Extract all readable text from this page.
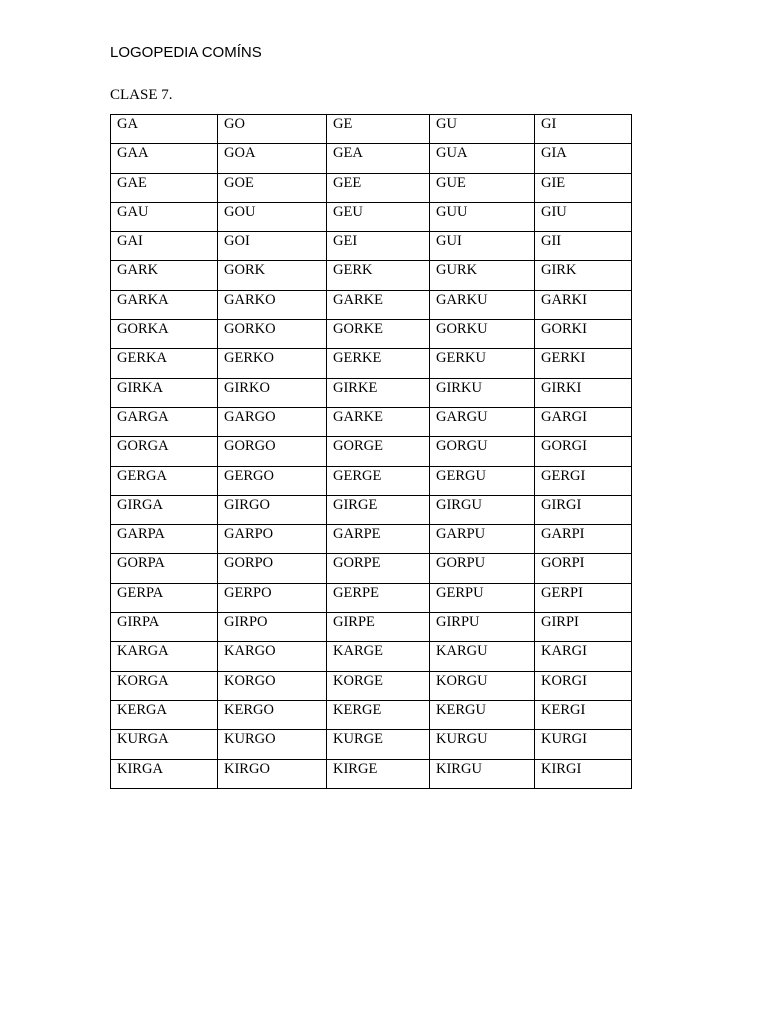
LOGOPEDIA COMÍNS
CLASE 7.
GA	GO	GE	GU	GI
GAA	GOA	GEA	GUA	GIA
GAE	GOE	GEE	GUE	GIE
GAU	GOU	GEU	GUU	GIU
GAI	GOI	GEI	GUI	GII
GARK	GORK	GERK	GURK	GIRK
GARKA	GARKO	GARKE	GARKU	GARKI
GORKA	GORKO	GORKE	GORKU	GORKI
GERKA	GERKO	GERKE	GERKU	GERKI
GIRKA	GIRKO	GIRKE	GIRKU	GIRKI
GARGA	GARGO	GARKE	GARGU	GARGI
GORGA	GORGO	GORGE	GORGU	GORGI
GERGA	GERGO	GERGE	GERGU	GERGI
GIRGA	GIRGO	GIRGE	GIRGU	GIRGI
GARPA	GARPO	GARPE	GARPU	GARPI
GORPA	GORPO	GORPE	GORPU	GORPI
GERPA	GERPO	GERPE	GERPU	GERPI
GIRPA	GIRPO	GIRPE	GIRPU	GIRPI
KARGA	KARGO	KARGE	KARGU	KARGI
KORGA	KORGO	KORGE	KORGU	KORGI
KERGA	KERGO	KERGE	KERGU	KERGI
KURGA	KURGO	KURGE	KURGU	KURGI
KIRGA	KIRGO	KIRGE	KIRGU	KIRGI
